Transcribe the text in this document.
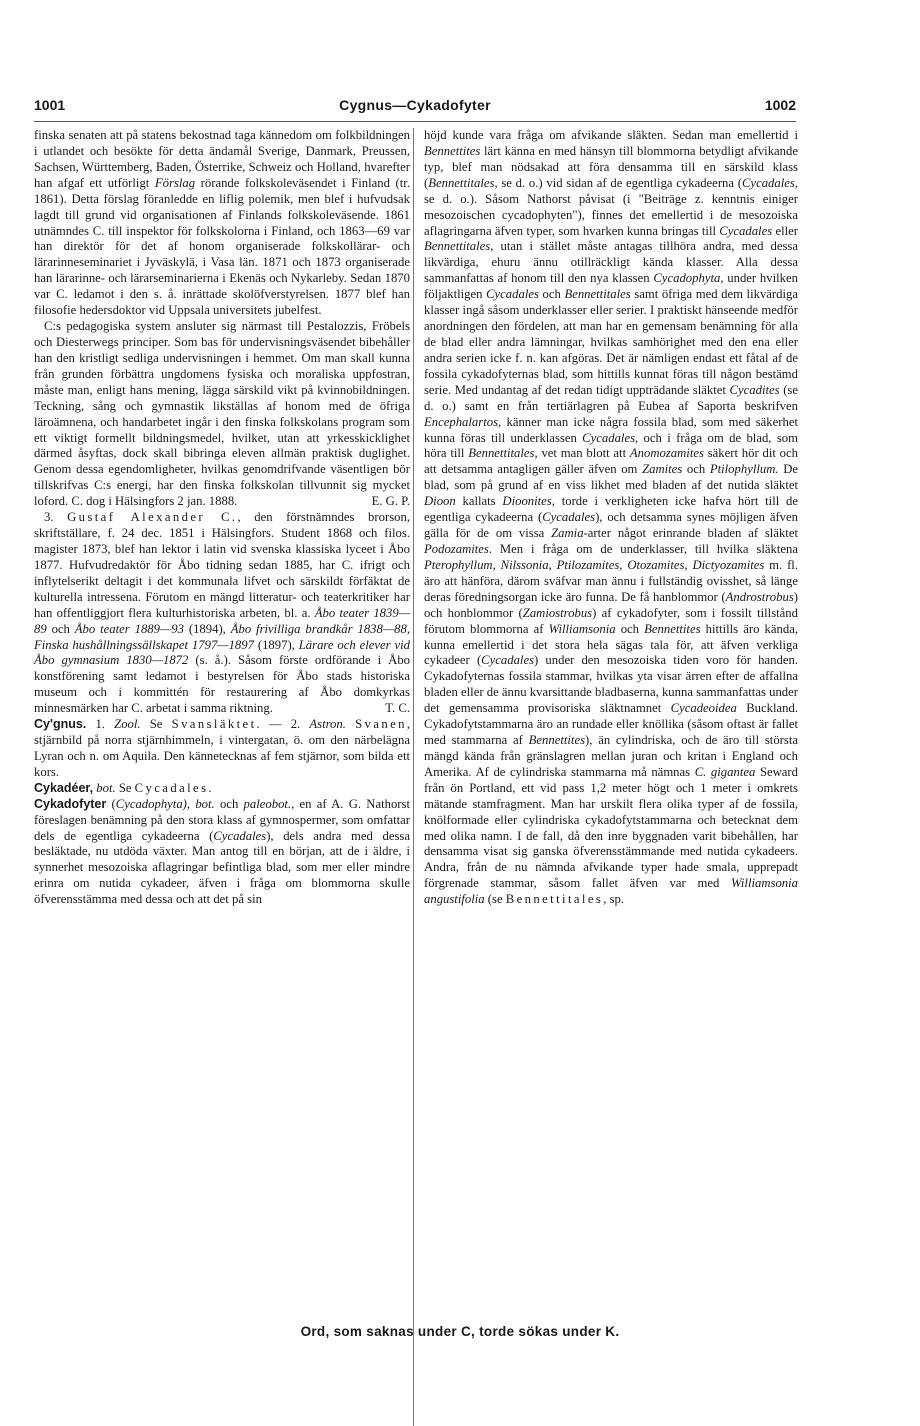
1001	Cygnus—Cykadofyter	1002

finska senaten att på statens bekostnad taga kännedom om folkbildningen i utlandet och besökte för detta ändamål Sverige, Danmark, Preussen, Sachsen, Württemberg, Baden, Österrike, Schweiz och Holland, hvarefter han afgaf ett utförligt Förslag rörande folkskoleväsendet i Finland (tr. 1861). Detta förslag föranledde en liflig polemik, men blef i hufvudsak lagdt till grund vid organisationen af Finlands folkskoleväsende. 1861 utnämndes C. till inspektor för folkskolorna i Finland, och 1863—69 var han direktör för det af honom organiserade folkskollärar- och lärarinneseminariet i Jyväskylä, i Vasa län. 1871 och 1873 organiserade han lärarinne- och lärarseminarierna i Ekenäs och Nykarleby. Sedan 1870 var C. ledamot i den s. å. inrättade skolöfverstyrelsen. 1877 blef han filosofie hedersdoktor vid Uppsala universitets jubelfest.

C:s pedagogiska system ansluter sig närmast till Pestalozzis, Fröbels och Diesterwegs principer. Som bas för undervisningsväsendet bibehåller han den kristligt sedliga undervisningen i hemmet. Om man skall kunna från grunden förbättra ungdomens fysiska och moraliska uppfostran, måste man, enligt hans mening, lägga särskild vikt på kvinnobildningen. Teckning, sång och gymnastik likställas af honom med de öfriga läroämnena, och handarbetet ingår i den finska folkskolans program som ett viktigt formellt bildningsmedel, hvilket, utan att yrkesskicklighet därmed åsyftas, dock skall bibringa eleven allmän praktisk duglighet. Genom dessa egendomligheter, hvilkas genomdrifvande väsentligen bör tillskrifvas C:s energi, har den finska folkskolan tillvunnit sig mycket loford. C. dog i Hälsingfors 2 jan. 1888.	E. G. P.

3. Gustaf Alexander C., den förstnämndes brorson, skriftställare, f. 24 dec. 1851 i Hälsingfors. Student 1868 och filos. magister 1873, blef han lektor i latin vid svenska klassiska lyceet i Åbo 1877. Hufvudredaktör för Åbo tidning sedan 1885, har C. ifrigt och inflytelserikt deltagit i det kommunala lifvet och särskildt förfäktat de kulturella intressena. Förutom en mängd litteratur- och teaterkritiker har han offentliggjort flera kulturhistoriska arbeten, bl. a. Åbo teater 1839—89 och Åbo teater 1889—93 (1894), Åbo frivilliga brandkår 1838—88, Finska hushållningssällskapet 1797—1897 (1897), Lärare och elever vid Åbo gymnasium 1830—1872 (s. å.). Såsom förste ordförande i Åbo konstförening samt ledamot i bestyrelsen för Åbo stads historiska museum och i kommittén för restaurering af Åbo domkyrkas minnesmärken har C. arbetat i samma riktning.	T. C.

Cy'gnus. 1. Zool. Se Svansläktet. — 2. Astron. Svanen, stjärnbild på norra stjärnhimmeln, i vintergatan, ö. om den närbelägna Lyran och n. om Aquila. Den kännetecknas af fem stjärnor, som bilda ett kors.

Cykadéer, bot. Se Cycadales.

Cykadofyter (Cycadophyta), bot. och paleobot., en af A. G. Nathorst föreslagen benämning på den stora klass af gymnospermer, som omfattar dels de egentliga cykadeerna (Cycadales), dels andra med dessa besläktade, nu utdöda växter. Man antog till en början, att de i äldre, i synnerhet mesozoiska aflagringar befintliga blad, som mer eller mindre erinra om nutida cykadeer, äfven i fråga om blommorna skulle öfverensstämma med dessa och att det på sin

höjd kunde vara fråga om afvikande släkten. Sedan man emellertid i Bennettites lärt känna en med hänsyn till blommorna betydligt afvikande typ, blef man nödsakad att föra densamma till en särskild klass (Bennettitales, se d. o.) vid sidan af de egentliga cykadeerna (Cycadales, se d. o.). Såsom Nathorst påvisat (i "Beiträge z. kenntnis einiger mesozoischen cycadophyten"), finnes det emellertid i de mesozoiska aflagringarna äfven typer, som hvarken kunna bringas till Cycadales eller Bennettitales, utan i stället måste antagas tillhöra andra, med dessa likvärdiga, ehuru ännu otillräckligt kända klasser. Alla dessa sammanfattas af honom till den nya klassen Cycadophyta, under hvilken följaktligen Cycadales och Bennettitales samt öfriga med dem likvärdiga klasser ingå såsom underklasser eller serier. I praktiskt hänseende medför anordningen den fördelen, att man har en gemensam benämning för alla de blad eller andra lämningar, hvilkas samhörighet med den ena eller andra serien icke f. n. kan afgöras. Det är nämligen endast ett fåtal af de fossila cykadofyternas blad, som hittills kunnat föras till någon bestämd serie. Med undantag af det redan tidigt uppträdande släktet Cycadites (se d. o.) samt en från tertiärlagren på Eubea af Saporta beskrifven Encephalartos, känner man icke några fossila blad, som med säkerhet kunna föras till underklassen Cycadales, och i fråga om de blad, som höra till Bennettitales, vet man blott att Anomozamites säkert hör dit och att detsamma antagligen gäller äfven om Zamites och Ptilophyllum. De blad, som på grund af en viss likhet med bladen af det nutida släktet Dioon kallats Dioonites, torde i verkligheten icke hafva hört till de egentliga cykadeerna (Cycadales), och detsamma synes möjligen äfven gälla för de om vissa Zamia-arter något erinrande bladen af släktet Podozamites. Men i fråga om de underklasser, till hvilka släktena Pterophyllum, Nilssonia, Ptilozamites, Otozamites, Dictyozamites m. fl. äro att hänföra, därom sväfvar man ännu i fullständig ovisshet, så länge deras föredningsorgan icke äro funna. De få hanblommor (Androstrobus) och honblommor (Zamiostrobus) af cykadofyter, som i fossilt tillstånd förutom blommorna af Williamsonia och Bennettites hittills äro kända, kunna emellertid i det stora hela sägas tala för, att äfven verkliga cykadeer (Cycadales) under den mesozoiska tiden voro för handen. Cykadofyternas fossila stammar, hvilkas yta visar ärren efter de affallna bladen eller de ännu kvarsittande bladbaserna, kunna sammanfattas under det gemensamma provisoriska släktnamnet Cycadeoidea Buckland. Cykadofytstammarna äro an rundade eller knöllika (såsom oftast är fallet med stammarna af Bennettites), än cylindriska, och de äro till största mängd kända från gränslagren mellan juran och kritan i England och Amerika. Af de cylindriska stammarna må nämnas C. gigantea Seward från ön Portland, ett vid pass 1,2 meter högt och 1 meter i omkrets mätande stamfragment. Man har urskilt flera olika typer af de fossila, knölformade eller cylindriska cykadofytstammarna och betecknat dem med olika namn. I de fall, då den inre byggnaden varit bibehållen, har densamma visat sig ganska öfverensstämmande med nutida cykadeers. Andra, från de nu nämnda afvikande typer hade smala, upprepadt förgrenade stammar, såsom fallet äfven var med Williamsonia angustifolia (se Bennettitales, sp.

Ord, som saknas under C, torde sökas under K.
